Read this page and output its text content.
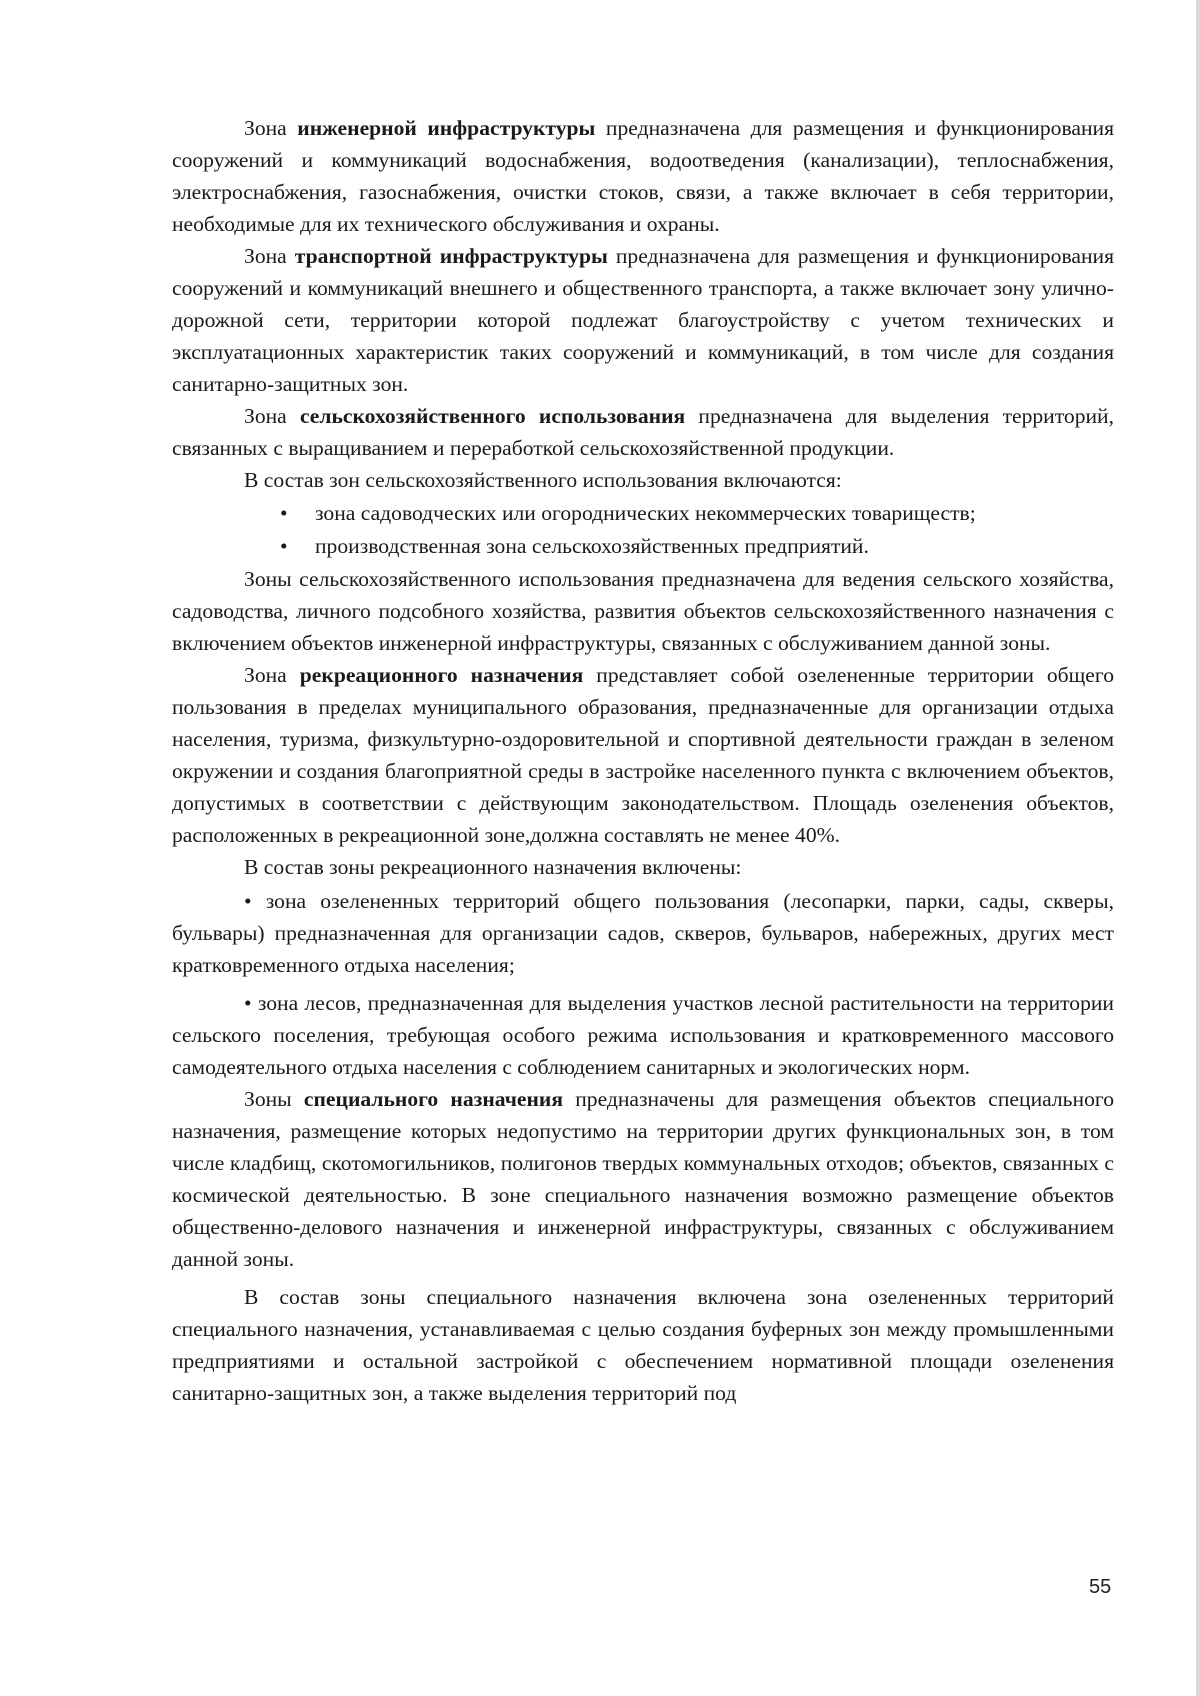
Зона инженерной инфраструктуры предназначена для размещения и функционирования сооружений и коммуникаций водоснабжения, водоотведения (канализации), теплоснабжения, электроснабжения, газоснабжения, очистки стоков, связи, а также включает в себя территории, необходимые для их технического обслуживания и охраны.

Зона транспортной инфраструктуры предназначена для размещения и функционирования сооружений и коммуникаций внешнего и общественного транспорта, а также включает зону улично-дорожной сети, территории которой подлежат благоустройству с учетом технических и эксплуатационных характеристик таких сооружений и коммуникаций, в том числе для создания санитарно-защитных зон.

Зона сельскохозяйственного использования предназначена для выделения территорий, связанных с выращиванием и переработкой сельскохозяйственной продукции.

В состав зон сельскохозяйственного использования включаются:

• зона садоводческих или огороднических некоммерческих товариществ;
• производственная зона сельскохозяйственных предприятий.

Зоны сельскохозяйственного использования предназначена для ведения сельского хозяйства, садоводства, личного подсобного хозяйства, развития объектов сельскохозяйственного назначения с включением объектов инженерной инфраструктуры, связанных с обслуживанием данной зоны.

Зона рекреационного назначения представляет собой озелененные территории общего пользования в пределах муниципального образования, предназначенные для организации отдыха населения, туризма, физкультурно-оздоровительной и спортивной деятельности граждан в зеленом окружении и создания благоприятной среды в застройке населенного пункта с включением объектов, допустимых в соответствии с действующим законодательством. Площадь озеленения объектов, расположенных в рекреационной зоне,должна составлять не менее 40%.

В состав зоны рекреационного назначения включены:

• зона озелененных территорий общего пользования (лесопарки, парки, сады, скверы, бульвары) предназначенная для организации садов, скверов, бульваров, набережных, других мест кратковременного отдыха населения;

• зона лесов, предназначенная для выделения участков лесной растительности на территории сельского поселения, требующая особого режима использования и кратковременного массового самодеятельного отдыха населения с соблюдением санитарных и экологических норм.

Зоны специального назначения предназначены для размещения объектов специального назначения, размещение которых недопустимо на территории других функциональных зон, в том числе кладбищ, скотомогильников, полигонов твердых коммунальных отходов; объектов, связанных с космической деятельностью. В зоне специального назначения возможно размещение объектов общественно-делового назначения и инженерной инфраструктуры, связанных с обслуживанием данной зоны.

В состав зоны специального назначения включена зона озелененных территорий специального назначения, устанавливаемая с целью создания буферных зон между промышленными предприятиями и остальной застройкой с обеспечением нормативной площади озеленения санитарно-защитных зон, а также выделения территорий под

55
